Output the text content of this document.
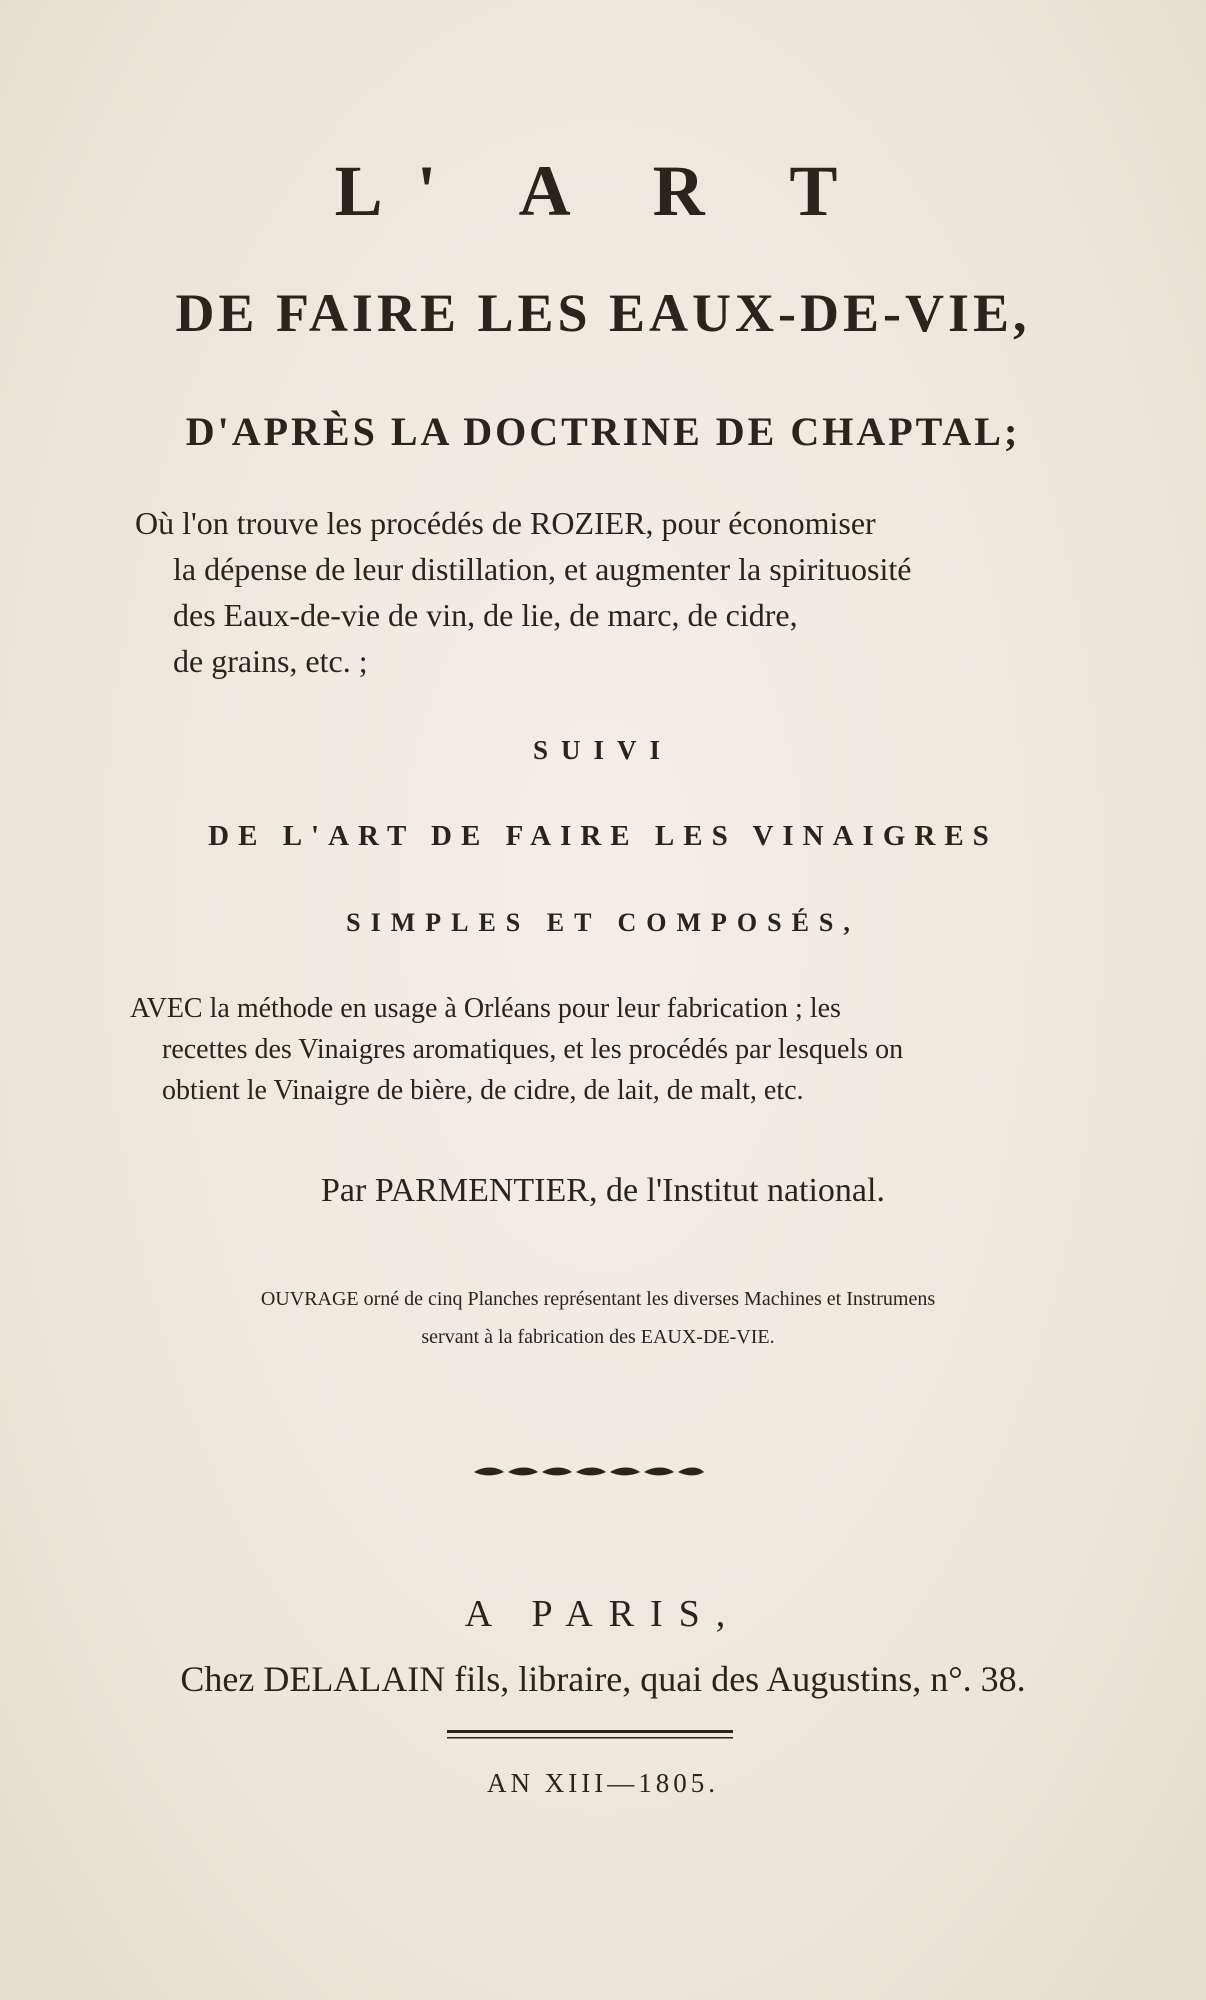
L' A R T
DE FAIRE LES EAUX-DE-VIE,
D'APRÈS LA DOCTRINE DE CHAPTAL;
Où l'on trouve les procédés de ROZIER, pour économiser
la dépense de leur distillation, et augmenter la spirituosité
des Eaux-de-vie de vin, de lie, de marc, de cidre,
de grains, etc. ;
SUIVI
DE L'ART DE FAIRE LES VINAIGRES
SIMPLES ET COMPOSÉS,
AVEC la méthode en usage à Orléans pour leur fabrication ; les
recettes des Vinaigres aromatiques, et les procédés par lesquels on
obtient le Vinaigre de bière, de cidre, de lait, de malt, etc.
Par PARMENTIER, de l'Institut national.
OUVRAGE orné de cinq Planches représentant les diverses Machines et Instrumens
servant à la fabrication des EAUX-DE-VIE.
A PARIS,
Chez DELALAIN fils, libraire, quai des Augustins, n°. 38.
AN XIII—1805.
